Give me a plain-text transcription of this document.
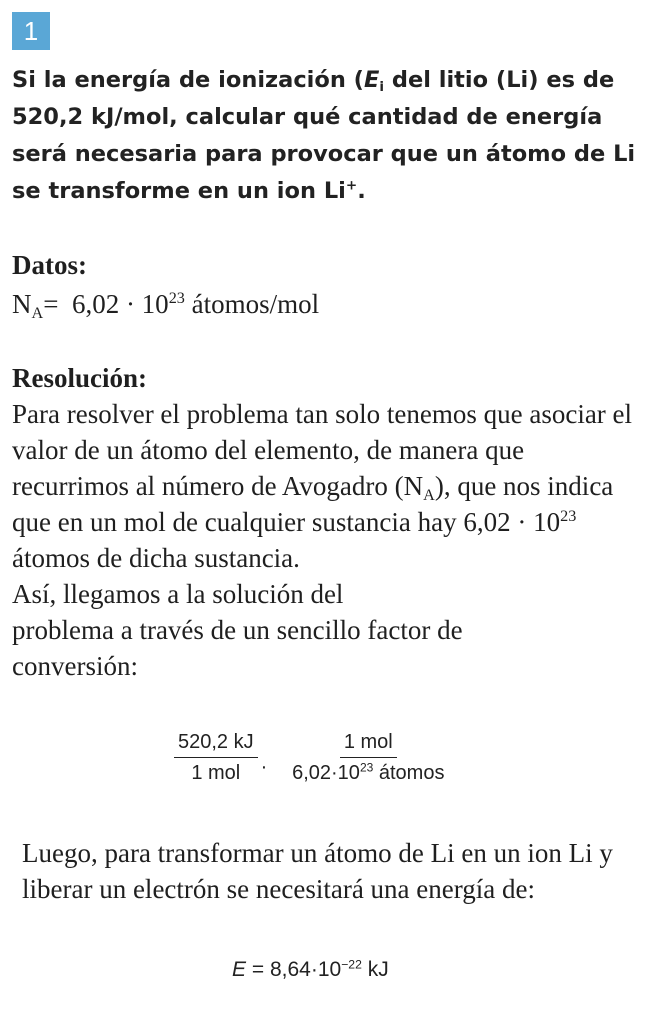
1
Si la energía de ionización ($E_i$ del litio (Li) es de
520,2 kJ/mol, calcular qué cantidad de energía
será necesaria para provocar que un átomo de Li
se transforme en un ion Li+.
Datos:
$N_A= 6,02 \cdot 10^{23}$ átomos/mol
Resolución:

Para resolver el problema tan solo tenemos que asociar el valor de un átomo del elemento, de manera que recurrimos al número de Avogadro $(N_A)$, que nos indica que en un mol de cualquier sustancia hay $6,02 \cdot 10^{23}$ átomos de dicha sustancia.

Así, llegamos a la solución del
problema a través de un sencillo factor de
conversión:

$\frac{520,2 kJ}{\text{1 mol}} \cdot \frac{\text{1 mol}}{6,02\cdot 10^{23} átomos}$
Luego, para transformar un átomo de Li en un ion Li y liberar un electrón se necesitará una energía de:
$E = 8,64\cdot 10^{-22}$ kJ
